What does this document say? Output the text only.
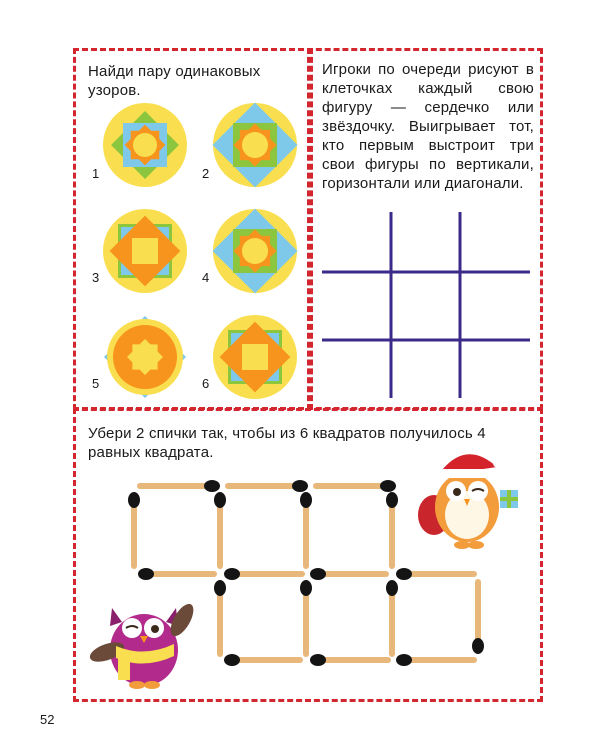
Найди пару одинаковых узоров.
1	2
3	4
5	6
Игроки по очереди рисуют в клеточках каждый свою фигуру — сердечко или звёздочку. Выигрывает тот, кто первым выстроит три свои фигуры по вертикали, горизонтали или диагонали.
Убери 2 спички так, чтобы из 6 квадратов получилось 4 равных квадрата.
52
